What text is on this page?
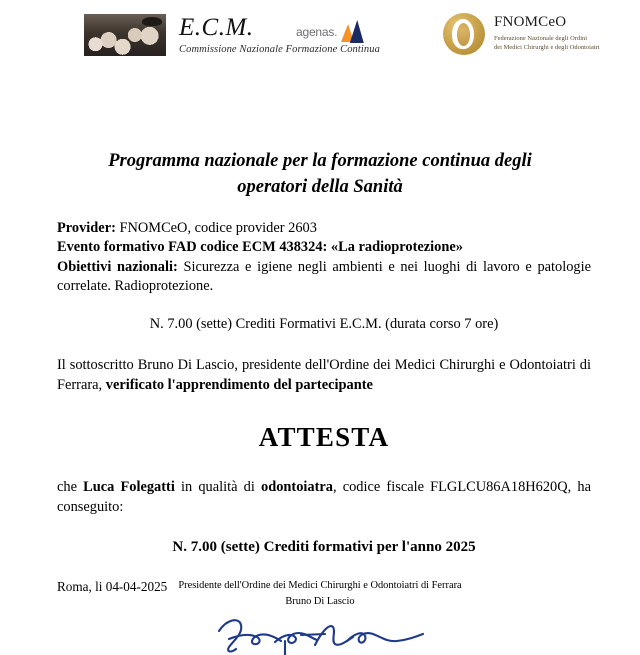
E.C.M.
Commissione Nazionale Formazione Continua
agenas.
FNOMCeO
Federazione Nazionale degli Ordini
dei Medici Chirurghi e degli Odontoiatri
Programma nazionale per la formazione continua degli
operatori della Sanità

Provider: FNOMCeO, codice provider 2603

Evento formativo FAD codice ECM 438324: «La radioprotezione»

Obiettivi nazionali: Sicurezza e igiene negli ambienti e nei luoghi di lavoro e patologie correlate. Radioprotezione.

N. 7.00 (sette) Crediti Formativi E.C.M. (durata corso 7 ore)

Il sottoscritto Bruno Di Lascio, presidente dell'Ordine dei Medici Chirurghi e Odontoiatri di Ferrara, verificato l'apprendimento del partecipante

ATTESTA

che Luca Folegatti in qualità di odontoiatra, codice fiscale FLGLCU86A18H620Q, ha conseguito:

N. 7.00 (sette) Crediti formativi per l'anno 2025

Roma, li 04-04-2025	Presidente dell'Ordine dei Medici Chirurghi e Odontoiatri di Ferrara
Bruno Di Lascio
